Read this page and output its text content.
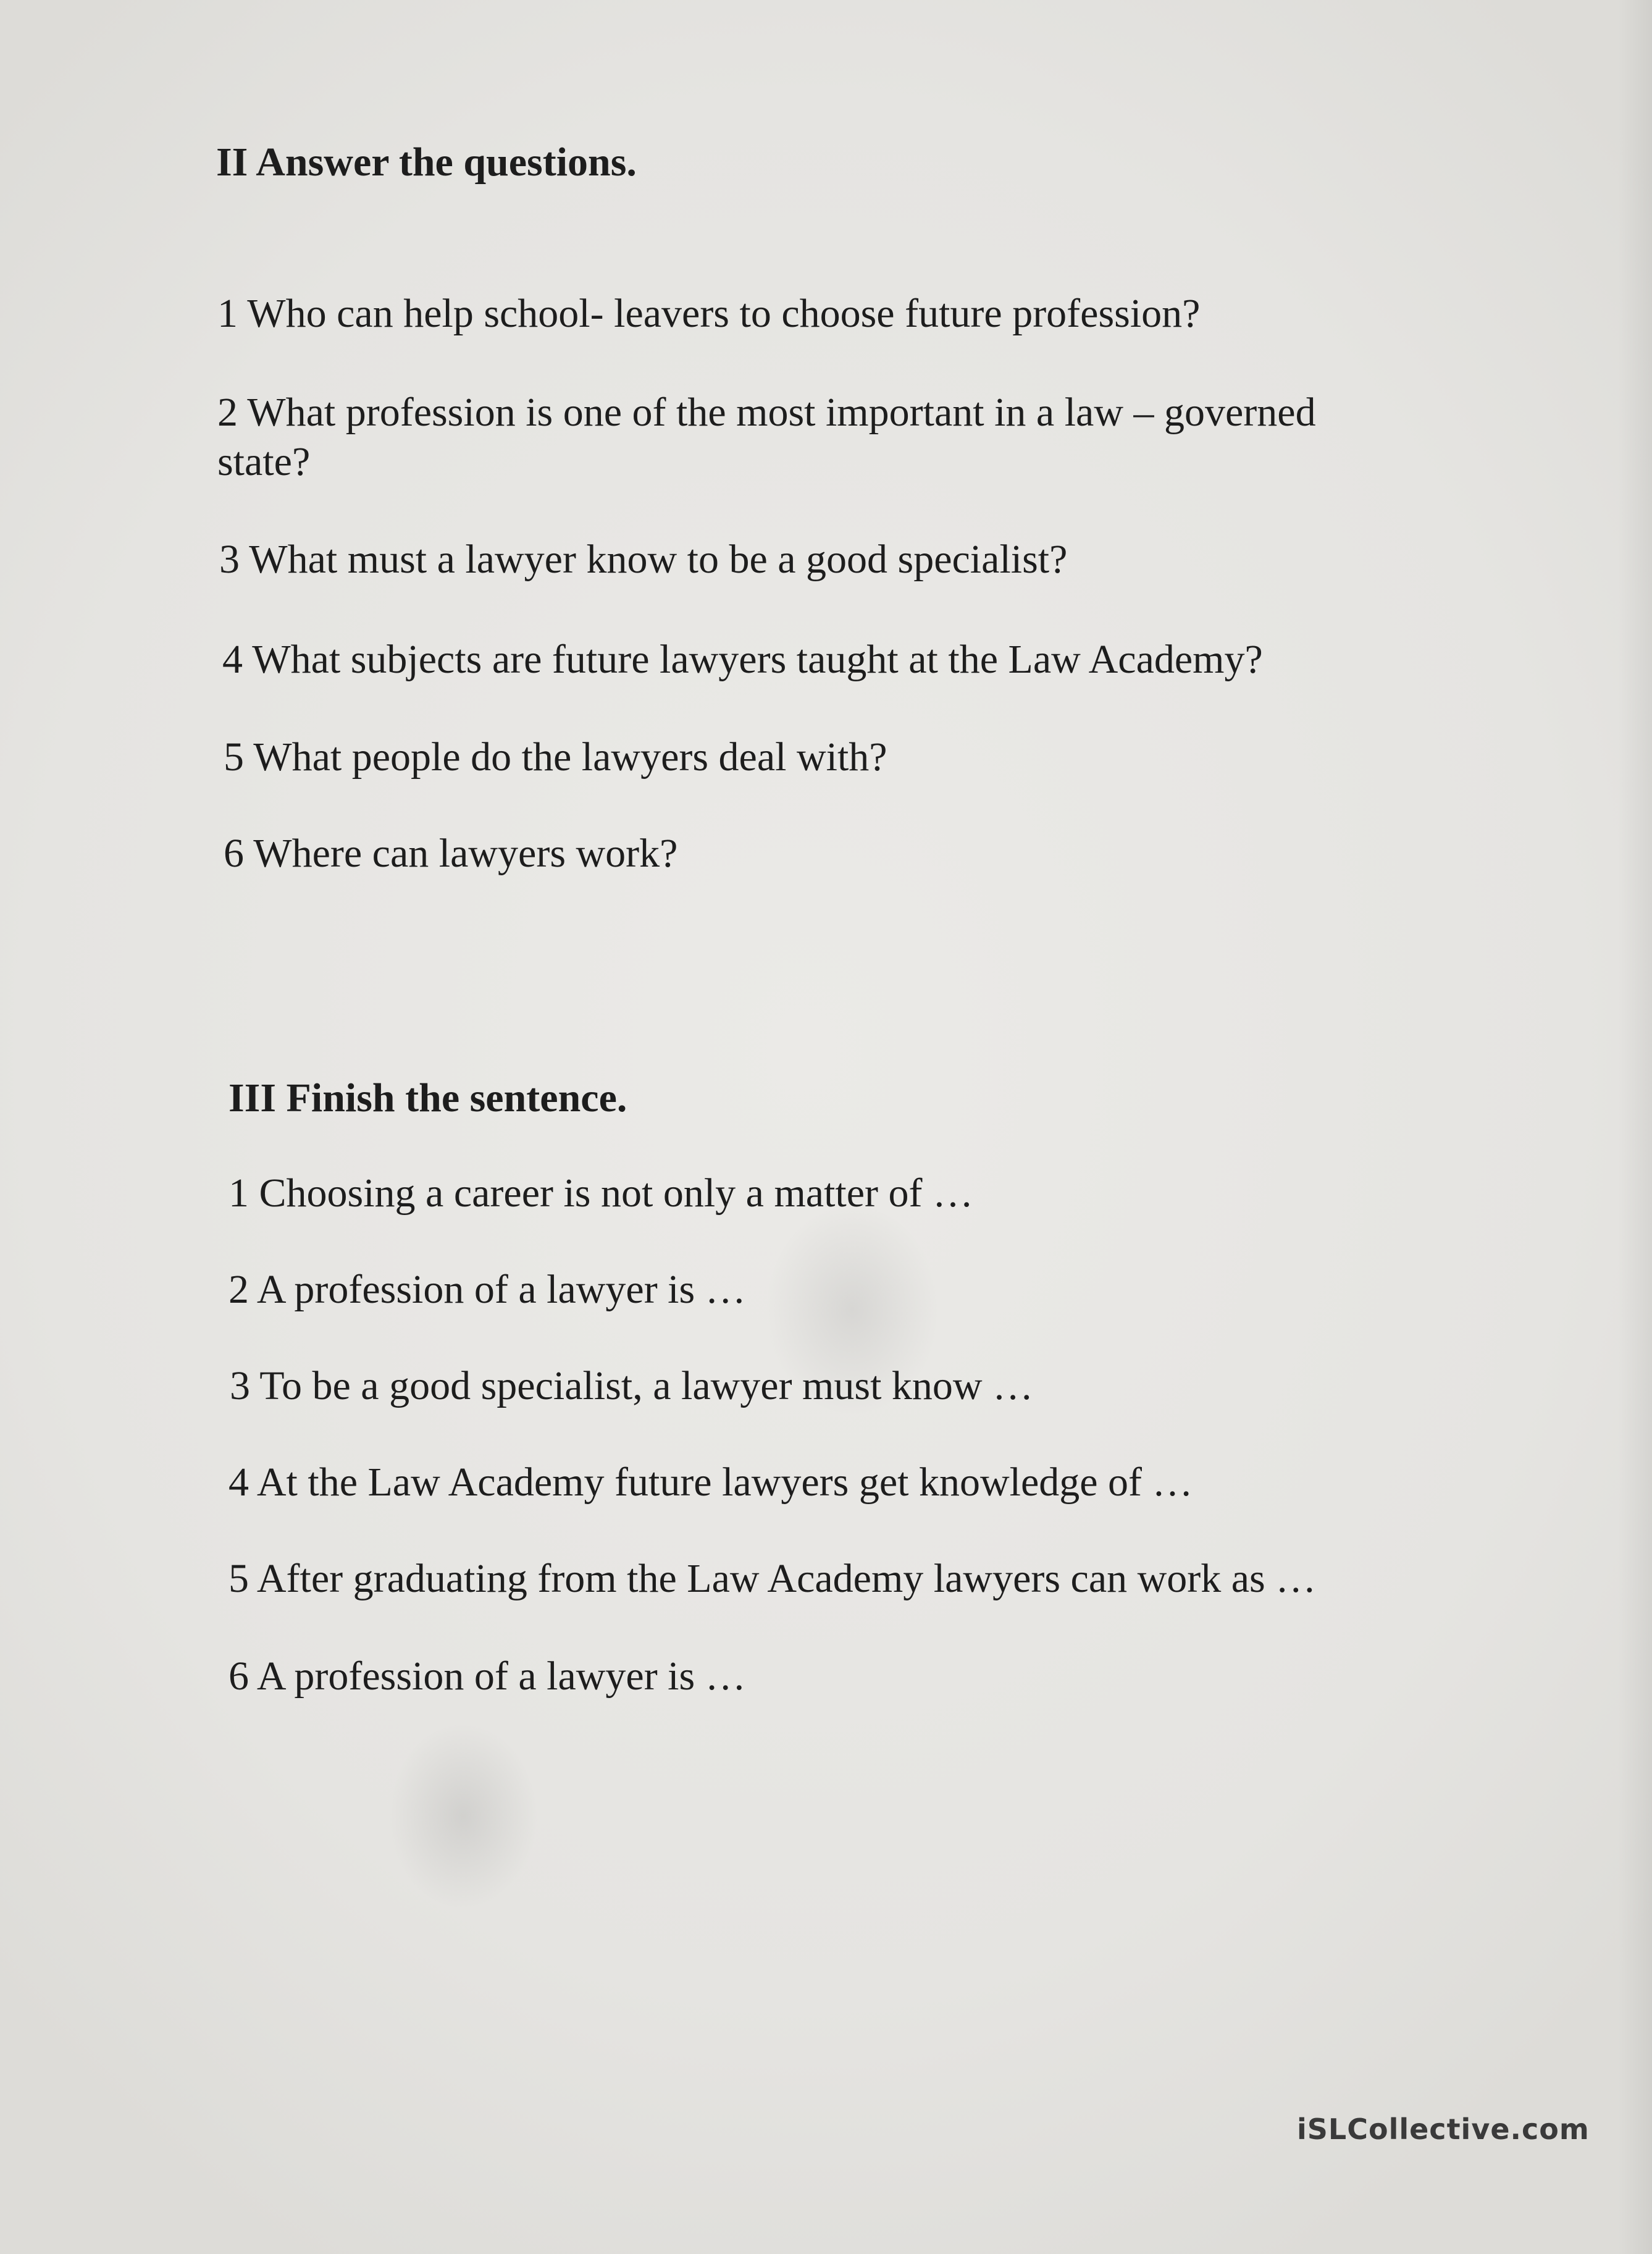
II Answer the questions.

1 Who can help school- leavers to choose future profession?

2 What profession is one of the most important in a law – governed

state?

3 What must a lawyer know to be a good specialist?

4 What subjects are future lawyers taught at the Law Academy?

5 What people do the lawyers deal with?

6 Where can lawyers work?

III Finish the sentence.

1 Choosing a career is not only a matter of …

2 A profession of a lawyer is …

3 To be a good specialist, a lawyer must know …

4 At the Law Academy future lawyers get knowledge of …

5 After graduating from the Law Academy lawyers can work as …

6 A profession of a lawyer is …

iSLCollective.com
